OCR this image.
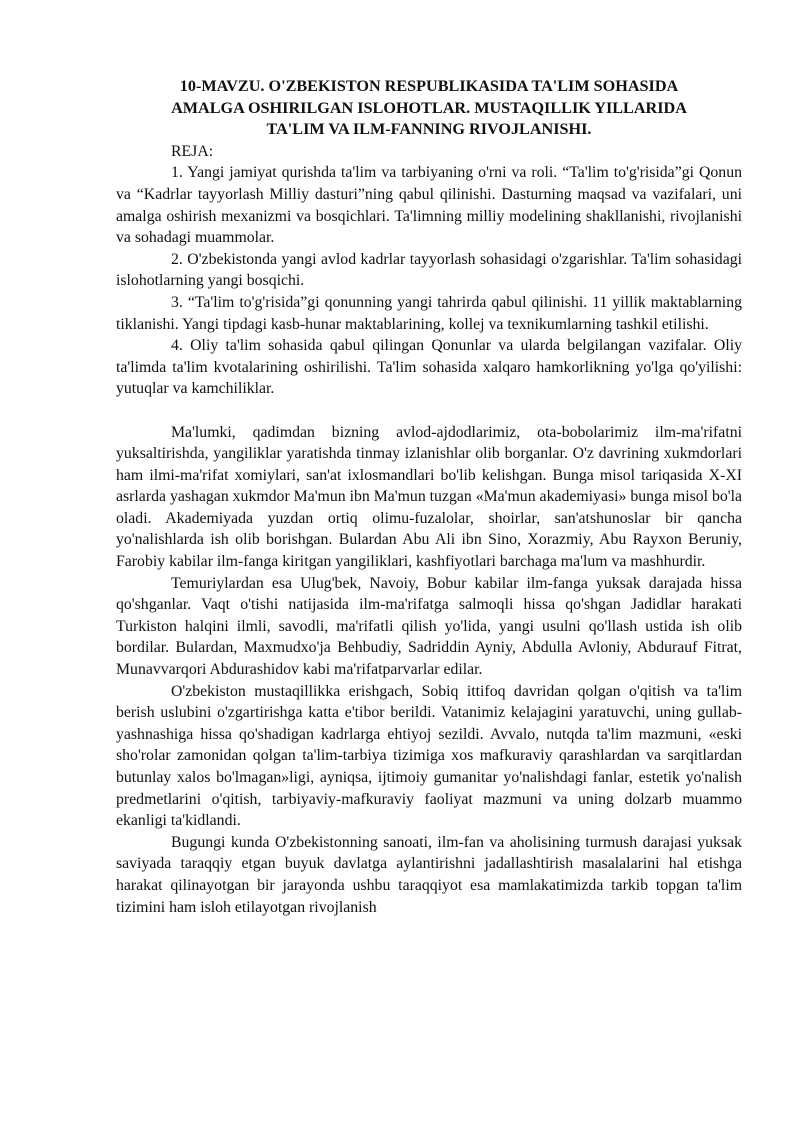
10-MAVZU. O'ZBEKISTON RESPUBLIKASIDA TA'LIM SOHASIDA
AMALGA OSHIRILGAN ISLOHOTLAR. MUSTAQILLIK YILLARIDA
TA'LIM VA ILM-FANNING RIVOJLANISHI.

REJA:

1. Yangi jamiyat qurishda ta'lim va tarbiyaning o'rni va roli. “Ta'lim to'g'risida”gi Qonun va “Kadrlar tayyorlash Milliy dasturi”ning qabul qilinishi. Dasturning maqsad va vazifalari, uni amalga oshirish mexanizmi va bosqichlari. Ta'limning milliy modelining shakllanishi, rivojlanishi va sohadagi muammolar.

2. O'zbekistonda yangi avlod kadrlar tayyorlash sohasidagi o'zgarishlar. Ta'lim sohasidagi islohotlarning yangi bosqichi.

3. “Ta'lim to'g'risida”gi qonunning yangi tahrirda qabul qilinishi. 11 yillik maktablarning tiklanishi. Yangi tipdagi kasb-hunar maktablarining, kollej va texnikumlarning tashkil etilishi.

4. Oliy ta'lim sohasida qabul qilingan Qonunlar va ularda belgilangan vazifalar. Oliy ta'limda ta'lim kvotalarining oshirilishi. Ta'lim sohasida xalqaro hamkorlikning yo'lga qo'yilishi: yutuqlar va kamchiliklar.

Ma'lumki, qadimdan bizning avlod-ajdodlarimiz, ota-bobolarimiz ilm-ma'rifatni yuksaltirishda, yangiliklar yaratishda tinmay izlanishlar olib borganlar. O'z davrining xukmdorlari ham ilmi-ma'rifat xomiylari, san'at ixlosmandlari bo'lib kelishgan. Bunga misol tariqasida X-XI asrlarda yashagan xukmdor Ma'mun ibn Ma'mun tuzgan «Ma'mun akademiyasi» bunga misol bo'la oladi. Akademiyada yuzdan ortiq olimu-fuzalolar, shoirlar, san'atshunoslar bir qancha yo'nalishlarda ish olib borishgan. Bulardan Abu Ali ibn Sino, Xorazmiy, Abu Rayxon Beruniy, Farobiy kabilar ilm-fanga kiritgan yangiliklari, kashfiyotlari barchaga ma'lum va mashhurdir.

Temuriylardan esa Ulug'bek, Navoiy, Bobur kabilar ilm-fanga yuksak darajada hissa qo'shganlar. Vaqt o'tishi natijasida ilm-ma'rifatga salmoqli hissa qo'shgan Jadidlar harakati Turkiston halqini ilmli, savodli, ma'rifatli qilish yo'lida, yangi usulni qo'llash ustida ish olib bordilar. Bulardan, Maxmudxo'ja Behbudiy, Sadriddin Ayniy, Abdulla Avloniy, Abdurauf Fitrat, Munavvarqori Abdurashidov kabi ma'rifatparvarlar edilar.

O'zbekiston mustaqillikka erishgach, Sobiq ittifoq davridan qolgan o'qitish va ta'lim berish uslubini o'zgartirishga katta e'tibor berildi. Vatanimiz kelajagini yaratuvchi, uning gullab-yashnashiga hissa qo'shadigan kadrlarga ehtiyoj sezildi. Avvalo, nutqda ta'lim mazmuni, «eski sho'rolar zamonidan qolgan ta'lim-tarbiya tizimiga xos mafkuraviy qarashlardan va sarqitlardan butunlay xalos bo'lmagan»ligi, ayniqsa, ijtimoiy gumanitar yo'nalishdagi fanlar, estetik yo'nalish predmetlarini o'qitish, tarbiyaviy-mafkuraviy faoliyat mazmuni va uning dolzarb muammo ekanligi ta'kidlandi.

Bugungi kunda O'zbekistonning sanoati, ilm-fan va aholisining turmush darajasi yuksak saviyada taraqqiy etgan buyuk davlatga aylantirishni jadallashtirish masalalarini hal etishga harakat qilinayotgan bir jarayonda ushbu taraqqiyot esa mamlakatimizda tarkib topgan ta'lim tizimini ham isloh etilayotgan rivojlanish
